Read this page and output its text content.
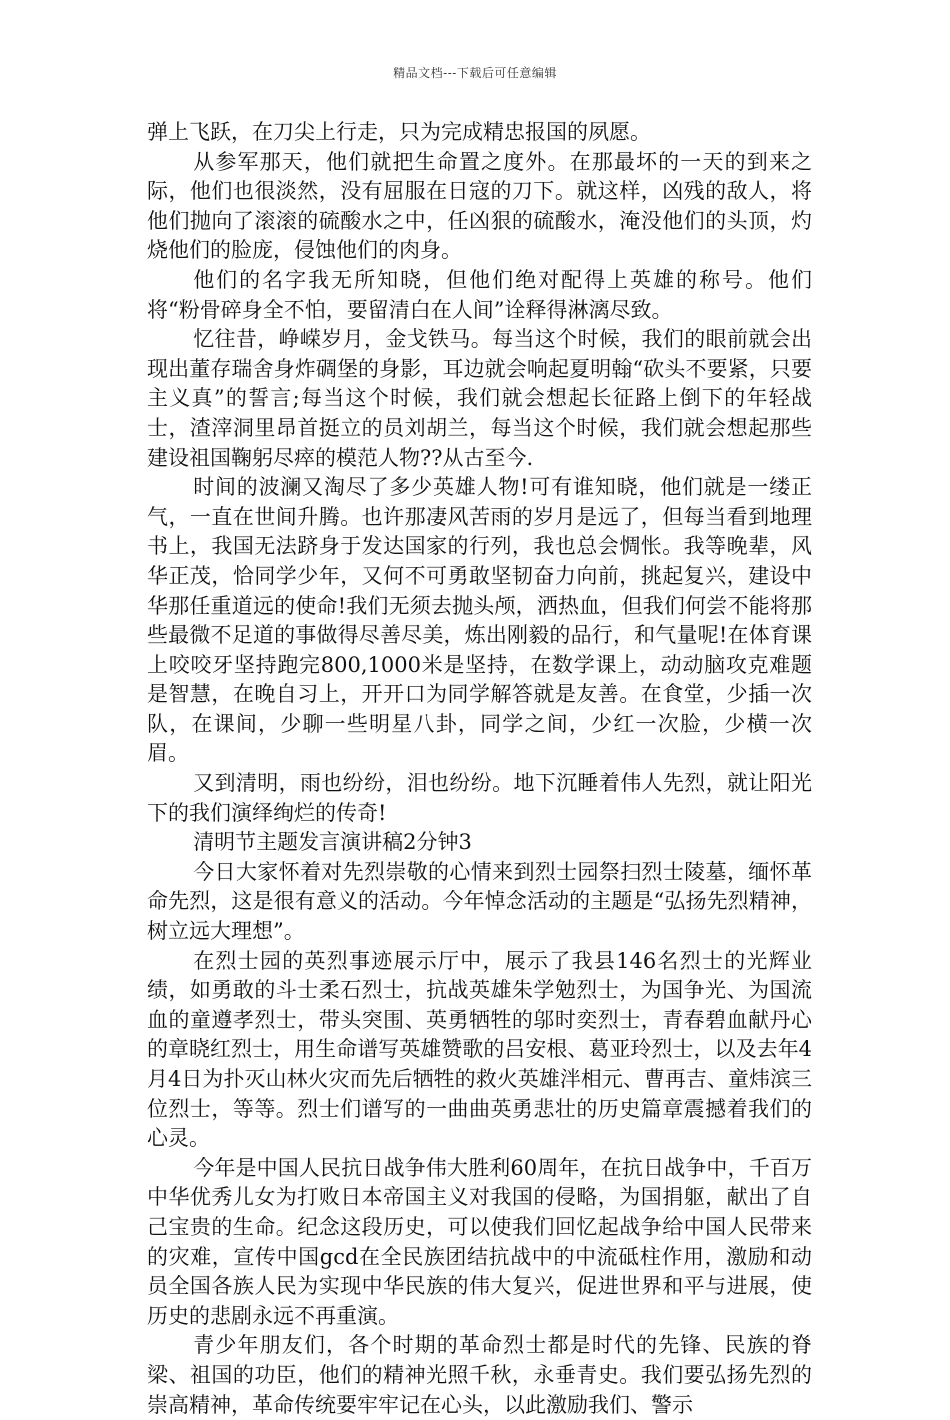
精品文档---下载后可任意编辑

弹上飞跃，在刀尖上行走，只为完成精忠报国的夙愿。

从参军那天，他们就把生命置之度外。在那最坏的一天的到来之际，他们也很淡然，没有屈服在日寇的刀下。就这样，凶残的敌人，将他们抛向了滚滚的硫酸水之中，任凶狠的硫酸水，淹没他们的头顶，灼烧他们的脸庞，侵蚀他们的肉身。

他们的名字我无所知晓，但他们绝对配得上英雄的称号。他们将“粉骨碎身全不怕，要留清白在人间”诠释得淋漓尽致。

忆往昔，峥嵘岁月，金戈铁马。每当这个时候，我们的眼前就会出现出董存瑞舍身炸碉堡的身影，耳边就会响起夏明翰“砍头不要紧，只要主义真”的誓言;每当这个时候，我们就会想起长征路上倒下的年轻战士，渣滓洞里昂首挺立的员刘胡兰，每当这个时候，我们就会想起那些建设祖国鞠躬尽瘁的模范人物??从古至今.

时间的波澜又淘尽了多少英雄人物!可有谁知晓，他们就是一缕正气，一直在世间升腾。也许那凄风苦雨的岁月是远了，但每当看到地理书上，我国无法跻身于发达国家的行列，我也总会惆怅。我等晚辈，风华正茂，恰同学少年，又何不可勇敢坚韧奋力向前，挑起复兴，建设中华那任重道远的使命!我们无须去抛头颅，洒热血，但我们何尝不能将那些最微不足道的事做得尽善尽美，炼出刚毅的品行，和气量呢!在体育课上咬咬牙坚持跑完800,1000米是坚持，在数学课上，动动脑攻克难题是智慧，在晚自习上，开开口为同学解答就是友善。在食堂，少插一次队，在课间，少聊一些明星八卦，同学之间，少红一次脸，少横一次眉。

又到清明，雨也纷纷，泪也纷纷。地下沉睡着伟人先烈，就让阳光下的我们演绎绚烂的传奇!

清明节主题发言演讲稿2分钟3

今日大家怀着对先烈崇敬的心情来到烈士园祭扫烈士陵墓，缅怀革命先烈，这是很有意义的活动。今年悼念活动的主题是“弘扬先烈精神，树立远大理想”。

在烈士园的英烈事迹展示厅中，展示了我县146名烈士的光辉业绩，如勇敢的斗士柔石烈士，抗战英雄朱学勉烈士，为国争光、为国流血的童遵孝烈士，带头突围、英勇牺牲的邬时奕烈士，青春碧血献丹心的章晓红烈士，用生命谱写英雄赞歌的吕安根、葛亚玲烈士，以及去年4月4日为扑灭山林火灾而先后牺牲的救火英雄泮相元、曹再吉、童炜滨三位烈士，等等。烈士们谱写的一曲曲英勇悲壮的历史篇章震撼着我们的心灵。

今年是中国人民抗日战争伟大胜利60周年，在抗日战争中，千百万中华优秀儿女为打败日本帝国主义对我国的侵略，为国捐躯，献出了自己宝贵的生命。纪念这段历史，可以使我们回忆起战争给中国人民带来的灾难，宣传中国gcd在全民族团结抗战中的中流砥柱作用，激励和动员全国各族人民为实现中华民族的伟大复兴，促进世界和平与进展，使历史的悲剧永远不再重演。

青少年朋友们，各个时期的革命烈士都是时代的先锋、民族的脊梁、祖国的功臣，他们的精神光照千秋，永垂青史。我们要弘扬先烈的崇高精神，革命传统要牢牢记在心头，以此激励我们、警示
